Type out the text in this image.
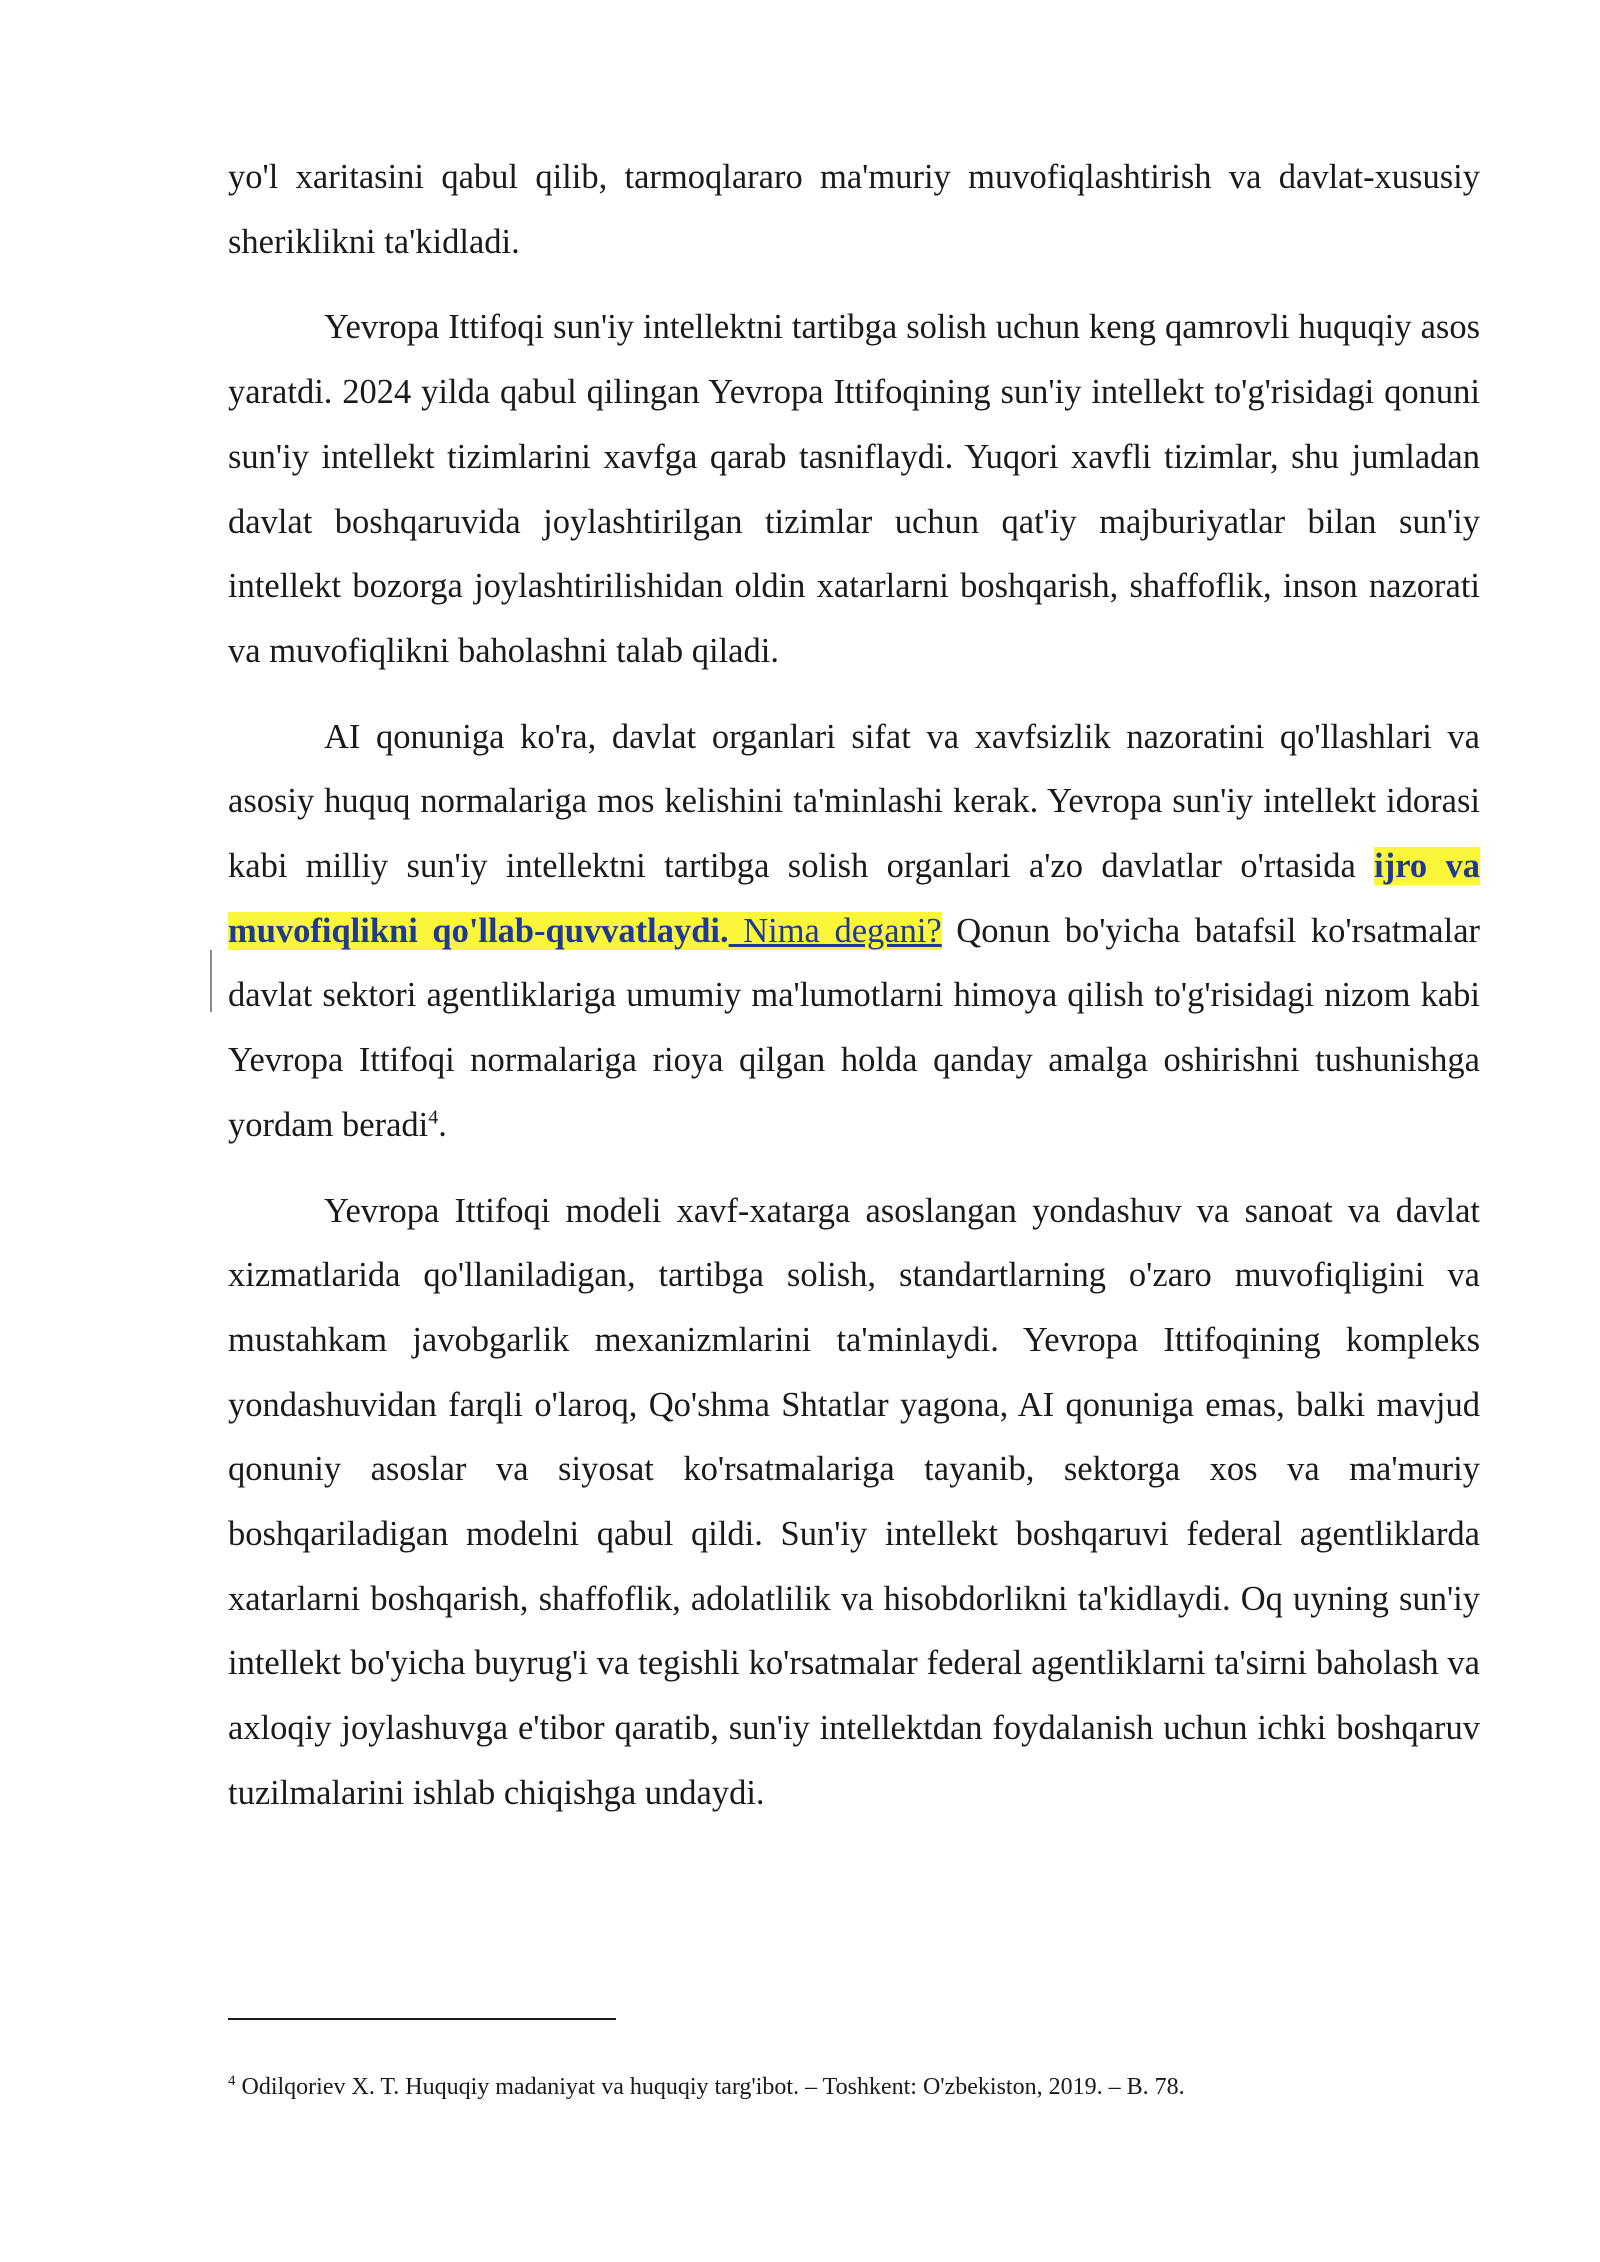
yo'l xaritasini qabul qilib, tarmoqlararo ma'muriy muvofiqlashtirish va davlat-xususiy sheriklikni ta'kidladi.

Yevropa Ittifoqi sun'iy intellektni tartibga solish uchun keng qamrovli huquqiy asos yaratdi. 2024 yilda qabul qilingan Yevropa Ittifoqining sun'iy intellekt to'g'risidagi qonuni sun'iy intellekt tizimlarini xavfga qarab tasniflaydi. Yuqori xavfli tizimlar, shu jumladan davlat boshqaruvida joylashtirilgan tizimlar uchun qat'iy majburiyatlar bilan sun'iy intellekt bozorga joylashtirilishidan oldin xatarlarni boshqarish, shaffoflik, inson nazorati va muvofiqlikni baholashni talab qiladi.

AI qonuniga ko'ra, davlat organlari sifat va xavfsizlik nazoratini qo'llashlari va asosiy huquq normalariga mos kelishini ta'minlashi kerak. Yevropa sun'iy intellekt idorasi kabi milliy sun'iy intellektni tartibga solish organlari a'zo davlatlar o'rtasida ijro va muvofiqlikni qo'llab-quvvatlaydi. Nima degani? Qonun bo'yicha batafsil ko'rsatmalar davlat sektori agentliklariga umumiy ma'lumotlarni himoya qilish to'g'risidagi nizom kabi Yevropa Ittifoqi normalariga rioya qilgan holda qanday amalga oshirishni tushunishga yordam beradi$^4$.

Yevropa Ittifoqi modeli xavf-xatarga asoslangan yondashuv va sanoat va davlat xizmatlarida qo'llaniladigan, tartibga solish, standartlarning o'zaro muvofiqligini va mustahkam javobgarlik mexanizmlarini ta'minlaydi. Yevropa Ittifoqining kompleks yondashuvidan farqli o'laroq, Qo'shma Shtatlar yagona, AI qonuniga emas, balki mavjud qonuniy asoslar va siyosat ko'rsatmalariga tayanib, sektorga xos va ma'muriy boshqariladigan modelni qabul qildi. Sun'iy intellekt boshqaruvi federal agentliklarda xatarlarni boshqarish, shaffoflik, adolatlilik va hisobdorlikni ta'kidlaydi. Oq uyning sun'iy intellekt bo'yicha buyrug'i va tegishli ko'rsatmalar federal agentliklarni ta'sirni baholash va axloqiy joylashuvga e'tibor qaratib, sun'iy intellektdan foydalanish uchun ichki boshqaruv tuzilmalarini ishlab chiqishga undaydi.

$^4$ Odilqoriev X. T. Huquqiy madaniyat va huquqiy targ'ibot. – Toshkent: O'zbekiston, 2019. – B. 78.
